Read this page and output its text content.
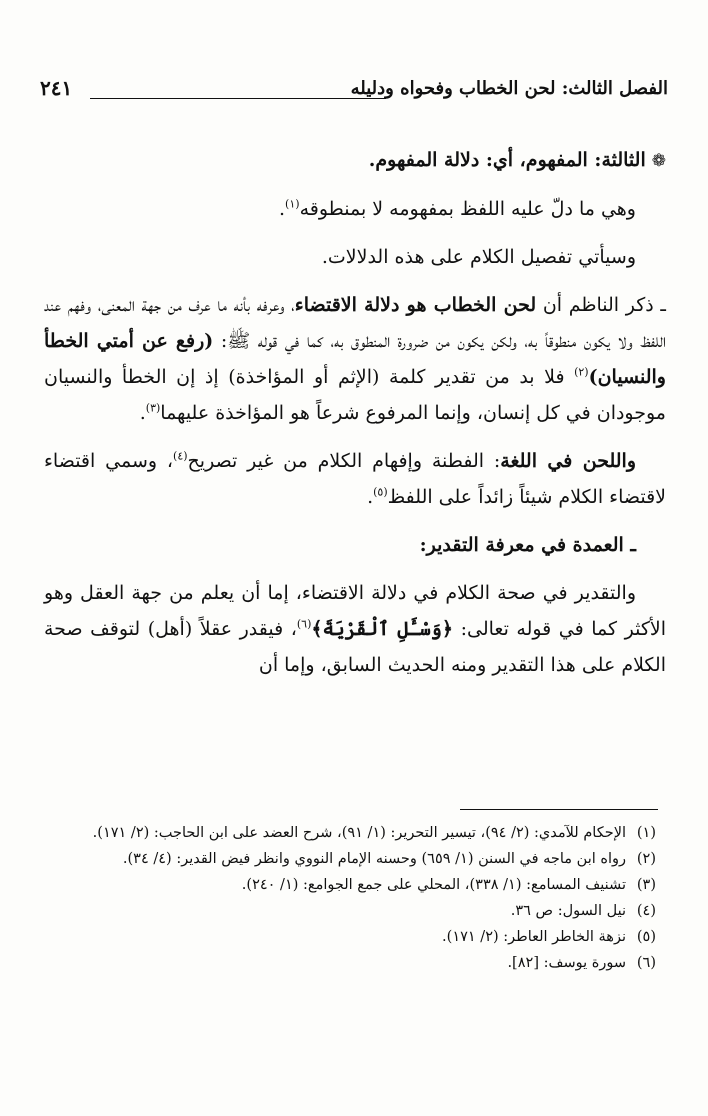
الفصل الثالث: لحن الخطاب وفحواه ودليله
٢٤١

❁الثالثة: المفهوم، أي: دلالة المفهوم.

وهي ما دلّ عليه اللفظ بمفهومه لا بمنطوقه$^{(١)}$.

وسيأتي تفصيل الكلام على هذه الدلالات.

ـ ذكر الناظم أن لحن الخطاب هو دلالة الاقتضاء، وعرفه بأنه ما عرف من جهة المعنى، وفهم عند اللفظ ولا يكون منطوقاً به، ولكن يكون من ضرورة المنطوق به، كما في قوله ﷺ: (رفع عن أمتي الخطأ والنسيان)$^{(٢)}$ فلا بد من تقدير كلمة (الإثم أو المؤاخذة) إذ إن الخطأ والنسيان موجودان في كل إنسان، وإنما المرفوع شرعاً هو المؤاخذة عليهما$^{(٣)}$.

واللحن في اللغة: الفطنة وإفهام الكلام من غير تصريح$^{(٤)}$، وسمي اقتضاء لاقتضاء الكلام شيئاً زائداً على اللفظ$^{(٥)}$.

ـ العمدة في معرفة التقدير:

والتقدير في صحة الكلام في دلالة الاقتضاء، إما أن يعلم من جهة العقل وهو الأكثر كما في قوله تعالى: ﴿وَسْـَٔلِ ٱلْقَرْيَةَ﴾$^{(٦)}$، فيقدر عقلاً (أهل) لتوقف صحة الكلام على هذا التقدير ومنه الحديث السابق، وإما أن

(١)
الإحكام للآمدي: (٢/ ٩٤)، تيسير التحرير: (١/ ٩١)، شرح العضد على ابن الحاجب: (٢/ ١٧١).

(٢)
رواه ابن ماجه في السنن (١/ ٦٥٩) وحسنه الإمام النووي وانظر فيض القدير: (٤/ ٣٤).

(٣)
تشنيف المسامع: (١/ ٣٣٨)، المحلي على جمع الجوامع: (١/ ٢٤٠).

(٤)
نيل السول: ص ٣٦.

(٥)
نزهة الخاطر العاطر: (٢/ ١٧١).

(٦)
سورة يوسف: [٨٢].
